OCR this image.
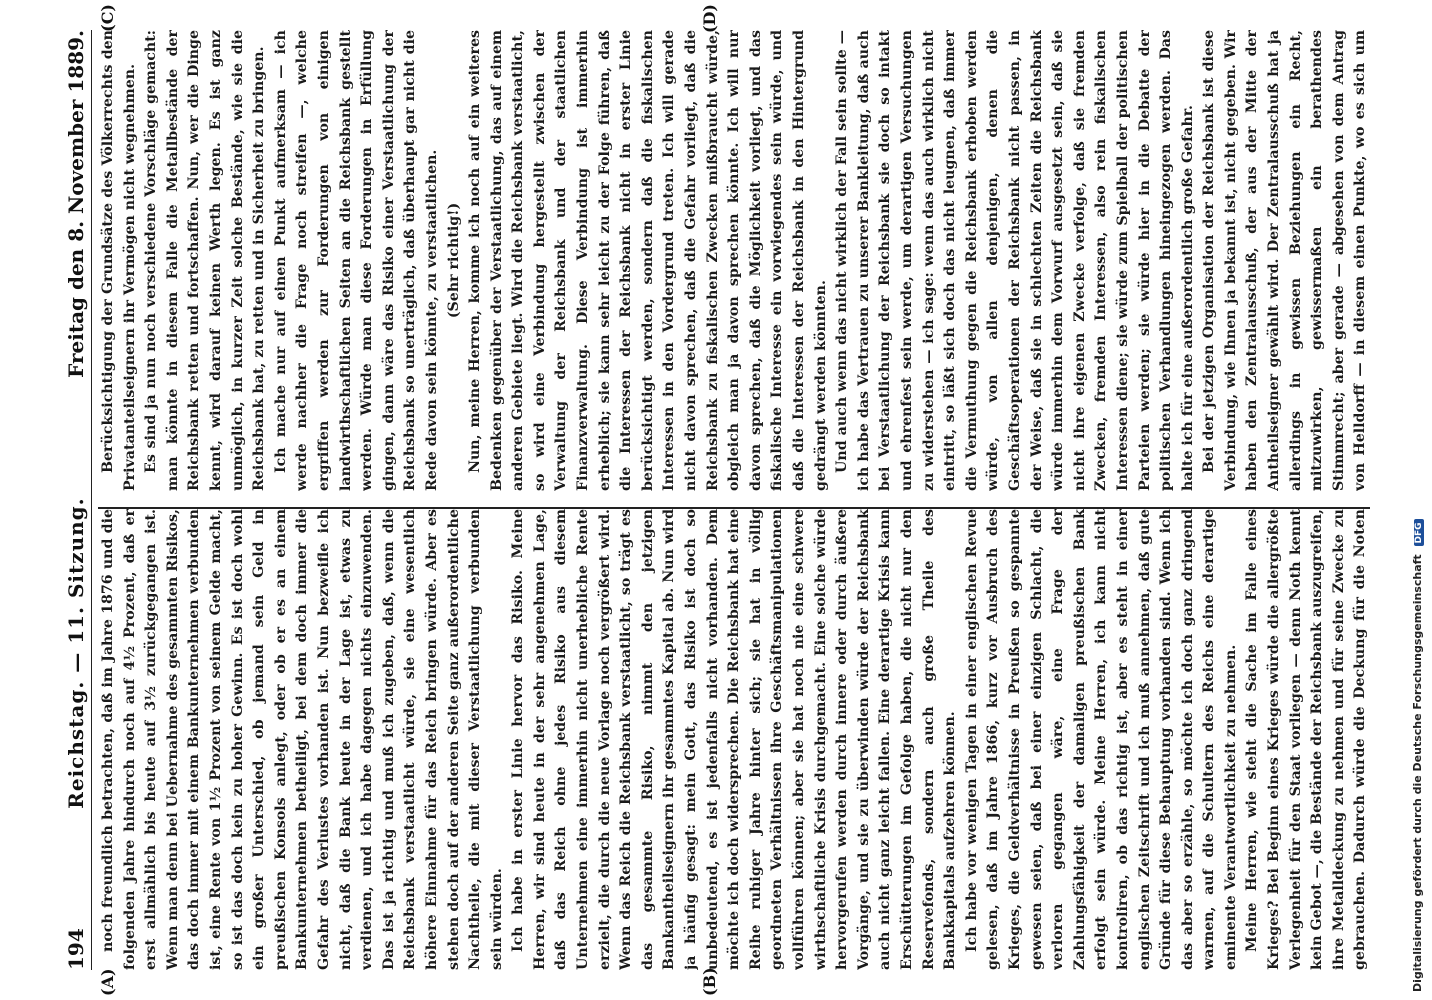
194
Reichstag. — 11. Sitzung.
Freitag den 8. November 1889.
(A)	(B)
(C)	(D)

noch freundlich betrachten, daß im Jahre 1876 und die folgenden Jahre hindurch noch auf 4½ Prozent, daß er erst allmählich bis heute auf 3½ zurückgegangen ist. Wenn man denn bei Uebernahme des gesammten Risikos, das doch immer mit einem Bankunternehmen verbunden ist, eine Rente von 1½ Prozent von seinem Gelde macht, so ist das doch kein zu hoher Gewinn. Es ist doch wohl ein großer Unterschied, ob jemand sein Geld in preußischen Konsols anlegt, oder ob er es an einem Bankunternehmen betheiligt, bei dem doch immer die Gefahr des Verlustes vorhanden ist. Nun bezweifle ich nicht, daß die Bank heute in der Lage ist, etwas zu verdienen, und ich habe dagegen nichts einzuwenden. Das ist ja richtig und muß ich zugeben, daß, wenn die Reichsbank verstaatlicht würde, sie eine wesentlich höhere Einnahme für das Reich bringen würde. Aber es stehen doch auf der anderen Seite ganz außerordentliche Nachtheile, die mit dieser Verstaatlichung verbunden sein würden. Ich habe in erster Linie hervor das Risiko. Meine Herren, wir sind heute in der sehr angenehmen Lage, daß das Reich ohne jedes Risiko aus diesem Unternehmen eine immerhin nicht unerhebliche Rente erzielt, die durch die neue Vorlage noch vergrößert wird. Wenn das Reich die Reichsbank verstaatlicht, so trägt es das gesammte Risiko, nimmt den jetzigen Bankantheilseignern ihr gesammtes Kapital ab. Nun wird ja häufig gesagt: mein Gott, das Risiko ist doch so unbedeutend, es ist jedenfalls nicht vorhanden. Dem möchte ich doch widersprechen. Die Reichsbank hat eine Reihe ruhiger Jahre hinter sich; sie hat in völlig geordneten Verhältnissen ihre Geschäftsmanipulationen vollführen können; aber sie hat noch nie eine schwere wirthschaftliche Krisis durchgemacht. Eine solche würde hervorgerufen werden durch innere oder durch äußere Vorgänge, und sie zu überwinden würde der Reichsbank auch nicht ganz leicht fallen. Eine derartige Krisis kann Erschütterungen im Gefolge haben, die nicht nur den Reservefonds, sondern auch große Theile des Bankkapitals aufzehren können. Ich habe vor wenigen Tagen in einer englischen Revue gelesen, daß im Jahre 1866, kurz vor Ausbruch des Krieges, die Geldverhältnisse in Preußen so gespannte gewesen seien, daß bei einer einzigen Schlacht, die verloren gegangen wäre, eine Frage der Zahlungsfähigkeit der damaligen preußischen Bank erfolgt sein würde. Meine Herren, ich kann nicht kontroliren, ob das richtig ist, aber es steht in einer englischen Zeitschrift und ich muß annehmen, daß gute Gründe für diese Behauptung vorhanden sind. Wenn ich das aber so erzähle, so möchte ich doch ganz dringend warnen, auf die Schultern des Reichs eine derartige eminente Verantwortlichkeit zu nehmen. Meine Herren, wie steht die Sache im Falle eines Krieges? Bei Beginn eines Krieges würde die allergrößte Verlegenheit für den Staat vorliegen — denn Noth kennt kein Gebot —, die Bestände der Reichsbank auszugreifen, ihre Metalldeckung zu nehmen und für seine Zwecke zu gebrauchen. Dadurch würde die Deckung für die Noten

Berücksichtigung der Grundsätze des Völkerrechts den Privatanteilseignern ihr Vermögen nicht wegnehmen. Es sind ja nun noch verschiedene Vorschläge gemacht: man könnte in diesem Falle die Metallbestände der Reichsbank retten und fortschaffen. Nun, wer die Dinge kennt, wird darauf keinen Werth legen. Es ist ganz unmöglich, in kurzer Zeit solche Bestände, wie sie die Reichsbank hat, zu retten und in Sicherheit zu bringen. Ich mache nur auf einen Punkt aufmerksam — ich werde nachher die Frage noch streifen —, welche ergriffen werden zur Forderungen von einigen landwirthschaftlichen Seiten an die Reichsbank gestellt werden. Würde man diese Forderungen in Erfüllung gingen, dann wäre das Risiko einer Verstaatlichung der Reichsbank so unerträglich, daß überhaupt gar nicht die Rede davon sein könnte, zu verstaatlichen. (Sehr richtig!) Nun, meine Herren, komme ich noch auf ein weiteres Bedenken gegenüber der Verstaatlichung, das auf einem anderen Gebiete liegt. Wird die Reichsbank verstaatlicht, so wird eine Verbindung hergestellt zwischen der Verwaltung der Reichsbank und der staatlichen Finanzverwaltung. Diese Verbindung ist immerhin erheblich; sie kann sehr leicht zu der Folge führen, daß die Interessen der Reichsbank nicht in erster Linie berücksichtigt werden, sondern daß die fiskalischen Interessen in den Vordergrund treten. Ich will gerade nicht davon sprechen, daß die Gefahr vorliegt, daß die Reichsbank zu fiskalischen Zwecken mißbraucht würde, obgleich man ja davon sprechen könnte. Ich will nur davon sprechen, daß die Möglichkeit vorliegt, und das fiskalische Interesse ein vorwiegendes sein würde, und daß die Interessen der Reichsbank in den Hintergrund gedrängt werden könnten. Und auch wenn das nicht wirklich der Fall sein sollte — ich habe das Vertrauen zu unserer Bankleitung, daß auch bei Verstaatlichung der Reichsbank sie doch so intakt und ehrenfest sein werde, um derartigen Versuchungen zu widerstehen — ich sage: wenn das auch wirklich nicht eintritt, so läßt sich doch das nicht leugnen, daß immer die Vermuthung gegen die Reichsbank erhoben werden würde, von allen denjenigen, denen die Geschäftsoperationen der Reichsbank nicht passen, in der Weise, daß sie in schlechten Zeiten die Reichsbank würde immerhin dem Vorwurf ausgesetzt sein, daß sie nicht ihre eigenen Zwecke verfolge, daß sie fremden Zwecken, fremden Interessen, also rein fiskalischen Interessen diene; sie würde zum Spielball der politischen Parteien werden; sie würde hier in die Debatte der politischen Verhandlungen hineingezogen werden. Das halte ich für eine außerordentlich große Gefahr. Bei der jetzigen Organisation der Reichsbank ist diese Verbindung, wie Ihnen ja bekannt ist, nicht gegeben. Wir haben den Zentralausschuß, der aus der Mitte der Antheilseigner gewählt wird. Der Zentralausschuß hat ja allerdings in gewissen Beziehungen ein Recht, mitzuwirken, gewissermaßen ein berathendes Stimmrecht; aber gerade — abgesehen von dem Antrag von Helldorff — in diesem einen Punkte, wo es sich um

Digitalisierung gefördert durch die Deutsche Forschungsgemeinschaft DFG
